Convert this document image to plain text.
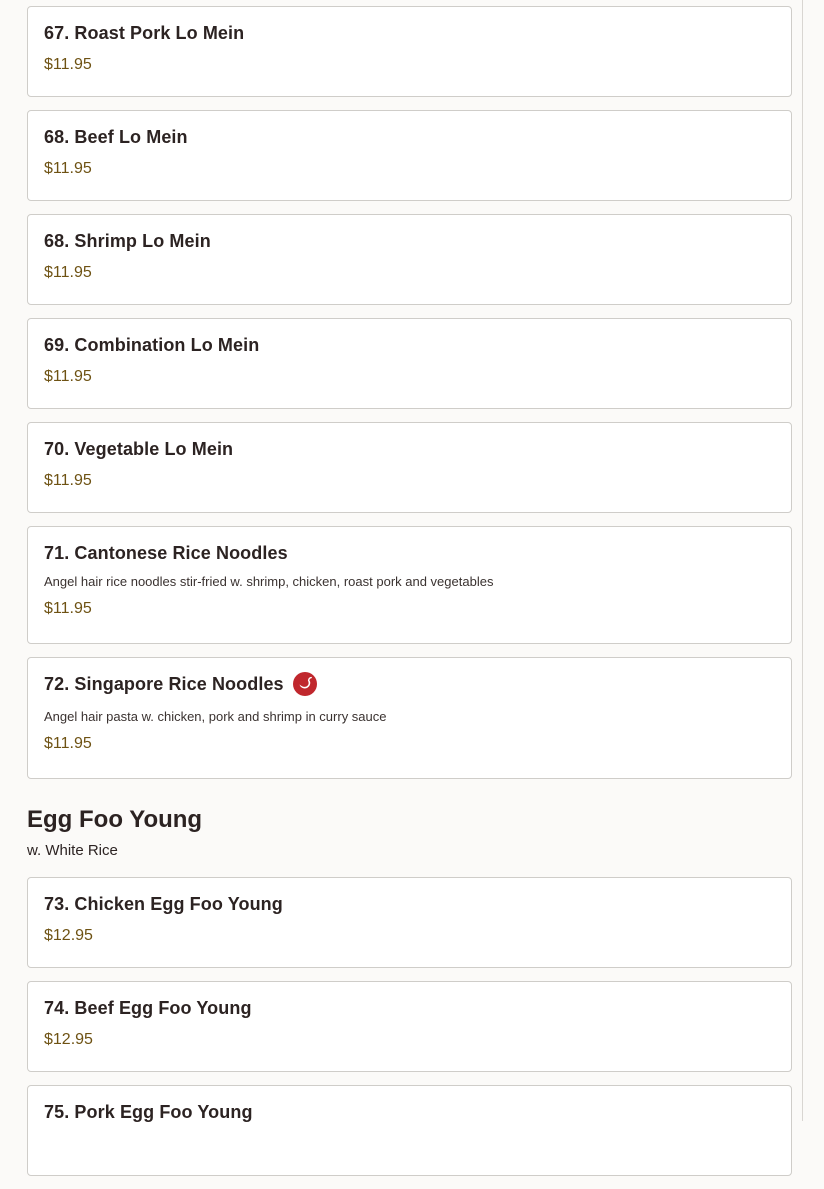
67. Roast Pork Lo Mein
$11.95
68. Beef Lo Mein
$11.95
68. Shrimp Lo Mein
$11.95
69. Combination Lo Mein
$11.95
70. Vegetable Lo Mein
$11.95
71. Cantonese Rice Noodles
Angel hair rice noodles stir-fried w. shrimp, chicken, roast pork and vegetables
$11.95
72. Singapore Rice Noodles
Angel hair pasta w. chicken, pork and shrimp in curry sauce
$11.95
Egg Foo Young
w. White Rice
73. Chicken Egg Foo Young
$12.95
74. Beef Egg Foo Young
$12.95
75. Pork Egg Foo Young
